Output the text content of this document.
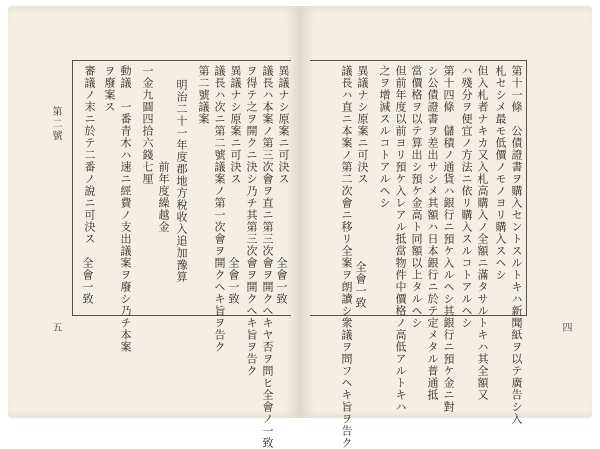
第二號
五
異議ナシ原案ニ可決ス
議長ハ本案ノ第三次會ヲ直ニ第三次會ヲ開クヘキヤ否ヲ問ヒ全會ノ一致
ヲ得テ之ヲ開クニ決シ乃チ其第三次會ヲ開クヘキ旨ヲ告ク
異議ナシ原案ニ可決ス
議長ハ次ニ第二號議案ノ第一次會ヲ開クヘキ旨ヲ告ク
第二號議案
明治二十一年度郡地方稅收入追加豫算
前年度繰越金
一金九圓四拾六錢七厘
動議　一番青木ハ速ニ經費ノ支出議案ヲ廢シ乃チ本案
ヲ廢案ス
審議ノ末ニ於テ二番ノ說ニ可決ス
全會一致
全會一致
全會一致
四
第十一條　公債證書ヲ購入セントスルトキハ新聞紙ヲ以テ廣告シ入
札セシメ最モ低價ノモノヨリ購入スヘシ
但入札者ナキカ又入札高購入ノ全額ニ滿タサルトキハ其全額又
ハ殘分ヲ便宜ノ方法ニ依リ購入スルコトアルヘシ
第十四條　儲積ノ通貨ハ銀行ニ預ケ入ルヘシ其銀行ニ預ケ金ニ對
シ公債證書ヲ差出サシメ其額ハ日本銀行ニ於テ定メタル普通抵
當價格ヲ以テ算出シ預ケ金高ト同額以上タルヘシ
但前年度以前ヨリ預ケ入レアル抵當物件中價格ノ高低アルトキハ
之ヲ增減スルコトアルヘシ
異議ナシ原案ニ可決ス
議長ハ直ニ本案ノ第二次會ニ移リ全案ヲ朗讀シ衆議ヲ問フヘキ旨ヲ告ク 全會一致
